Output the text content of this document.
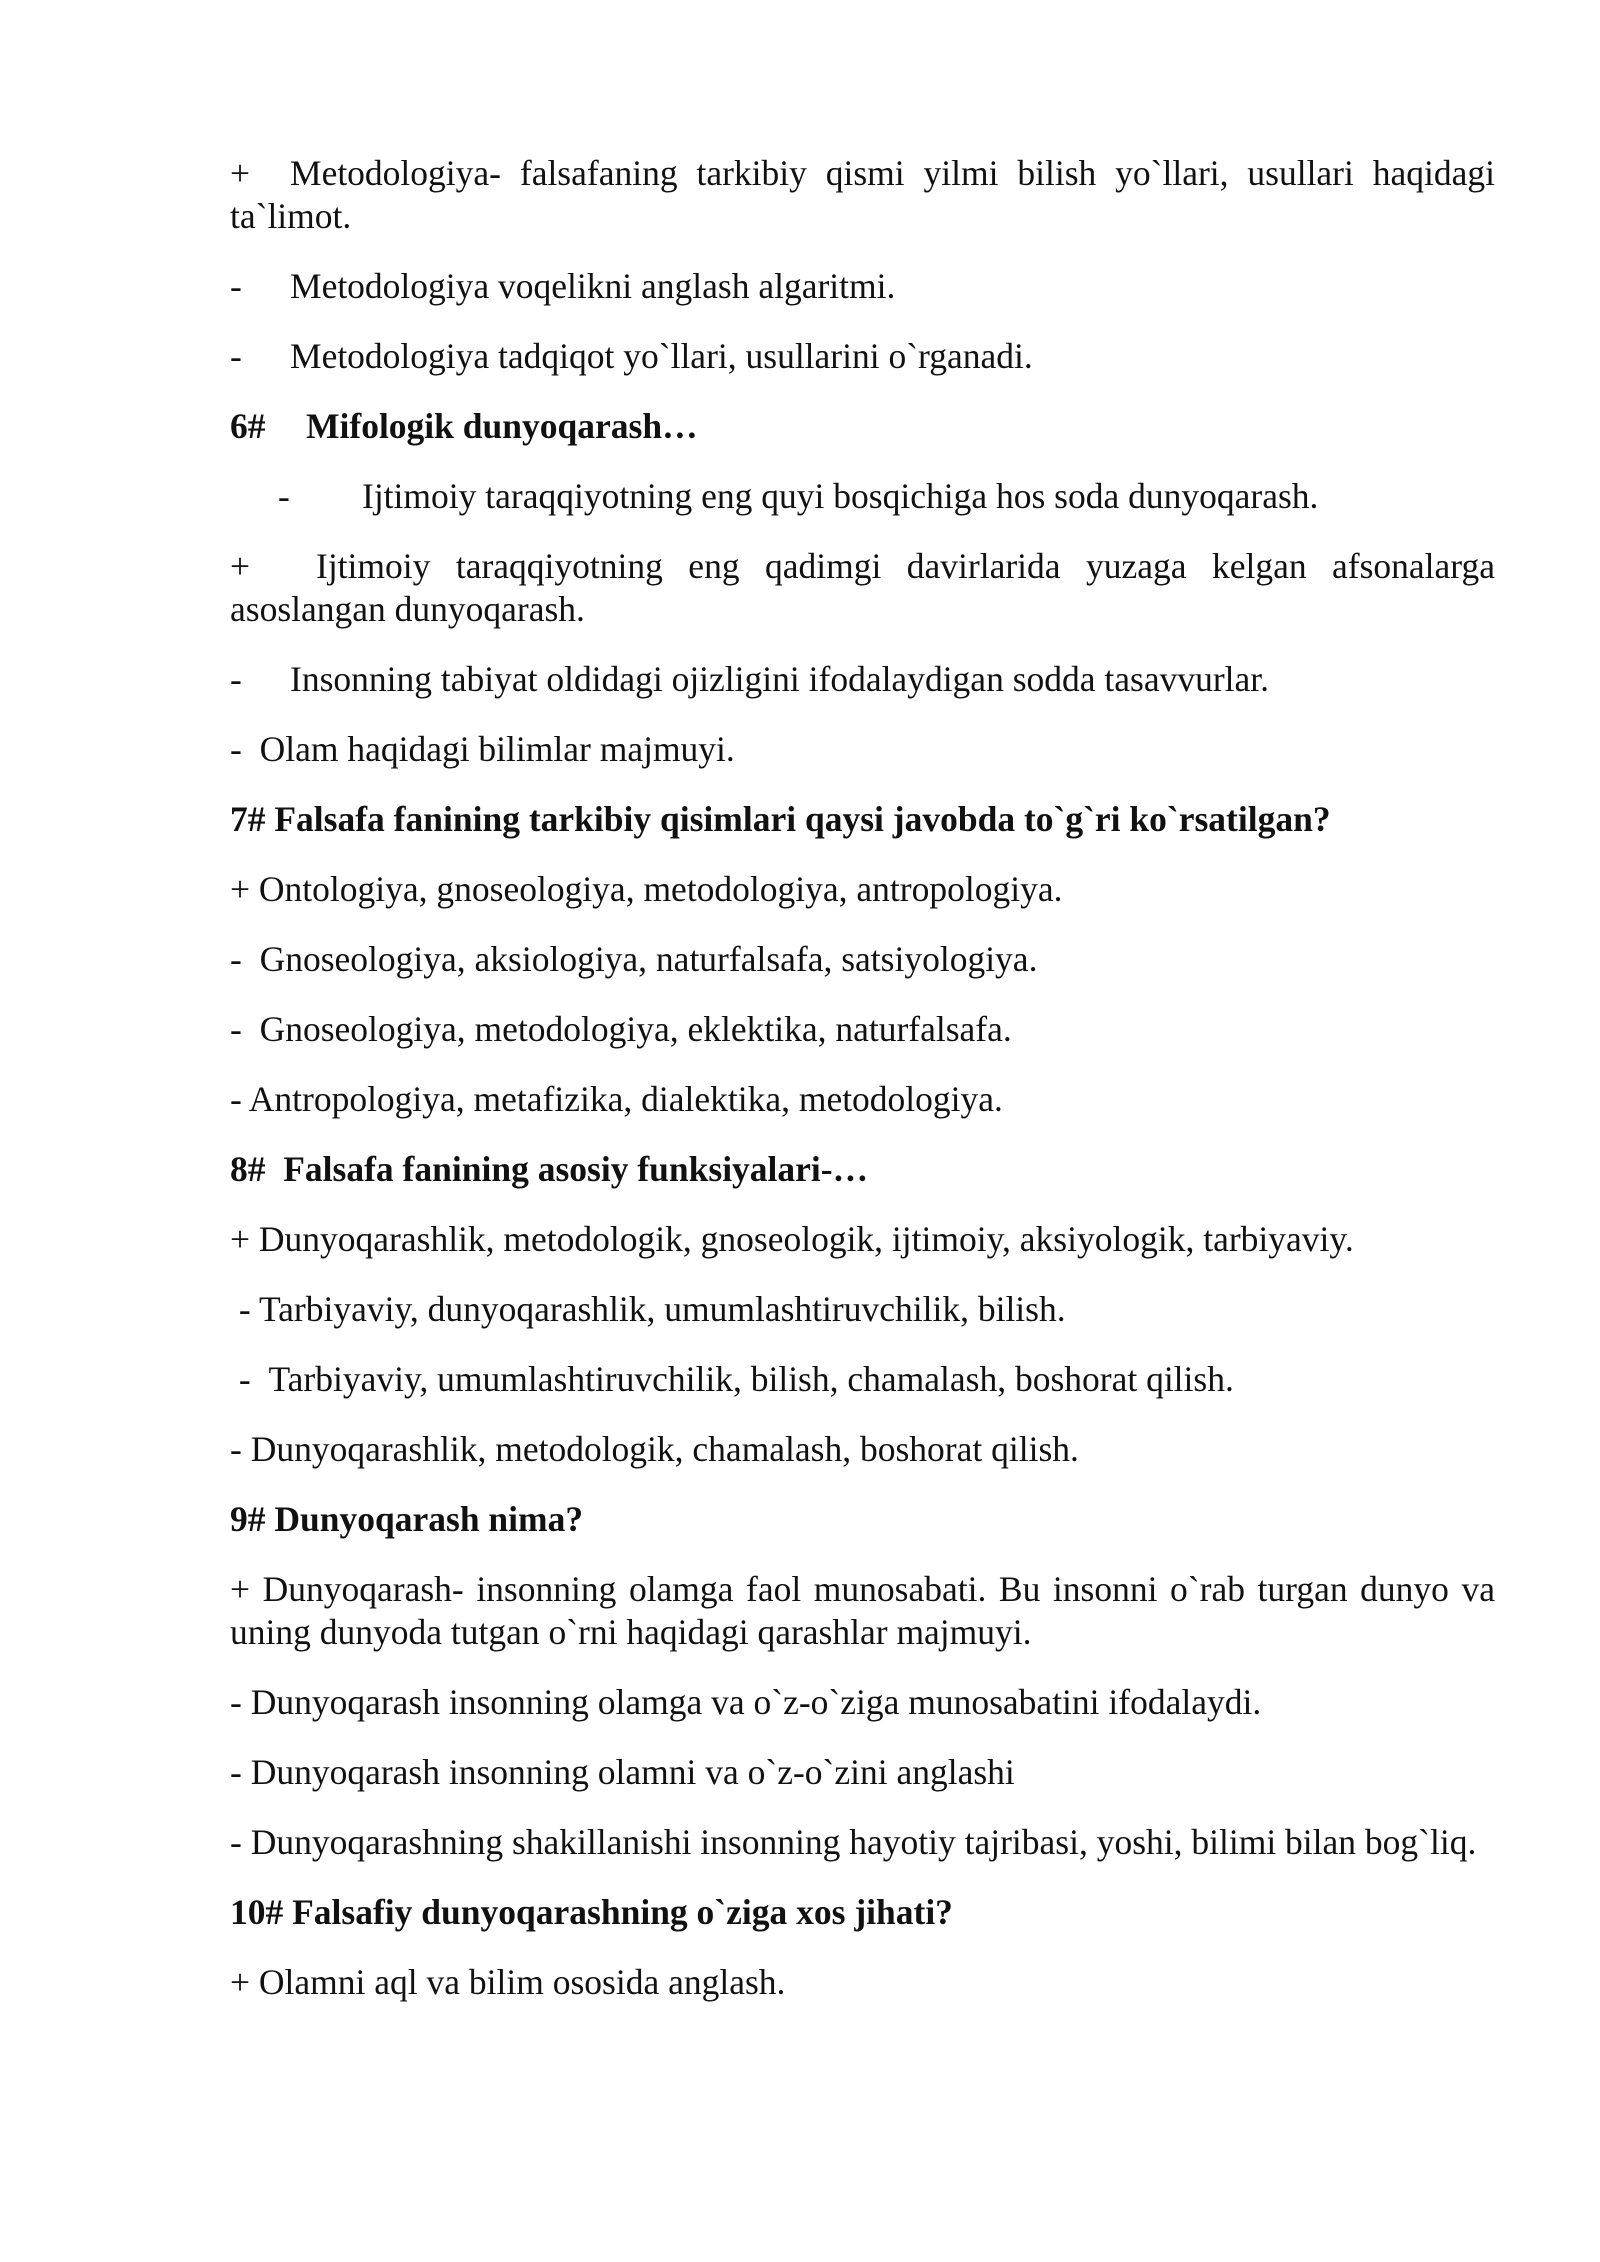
+ Metodologiya- falsafaning tarkibiy qismi yilmi bilish yo`llari, usullari haqidagi ta`limot.

- Metodologiya voqelikni anglash algaritmi.

- Metodologiya tadqiqot yo`llari, usullarini o`rganadi.

6# Mifologik dunyoqarash…

- Ijtimoiy taraqqiyotning eng quyi bosqichiga hos soda dunyoqarash.

+ Ijtimoiy taraqqiyotning eng qadimgi davirlarida yuzaga kelgan afsonalarga asoslangan dunyoqarash.

- Insonning tabiyat oldidagi ojizligini ifodalaydigan sodda tasavvurlar.

- Olam haqidagi bilimlar majmuyi.

7# Falsafa fanining tarkibiy qisimlari qaysi javobda to`g`ri ko`rsatilgan?

+ Ontologiya, gnoseologiya, metodologiya, antropologiya.

- Gnoseologiya, aksiologiya, naturfalsafa, satsiyologiya.

- Gnoseologiya, metodologiya, eklektika, naturfalsafa.

- Antropologiya, metafizika, dialektika, metodologiya.

8# Falsafa fanining asosiy funksiyalari-…

+ Dunyoqarashlik, metodologik, gnoseologik, ijtimoiy, aksiyologik, tarbiyaviy.

- Tarbiyaviy, dunyoqarashlik, umumlashtiruvchilik, bilish.

- Tarbiyaviy, umumlashtiruvchilik, bilish, chamalash, boshorat qilish.

- Dunyoqarashlik, metodologik, chamalash, boshorat qilish.

9# Dunyoqarash nima?

+ Dunyoqarash- insonning olamga faol munosabati. Bu insonni o`rab turgan dunyo va uning dunyoda tutgan o`rni haqidagi qarashlar majmuyi.

- Dunyoqarash insonning olamga va o`z-o`ziga munosabatini ifodalaydi.

- Dunyoqarash insonning olamni va o`z-o`zini anglashi

- Dunyoqarashning shakillanishi insonning hayotiy tajribasi, yoshi, bilimi bilan bog`liq.

10# Falsafiy dunyoqarashning o`ziga xos jihati?

+ Olamni aql va bilim ososida anglash.
